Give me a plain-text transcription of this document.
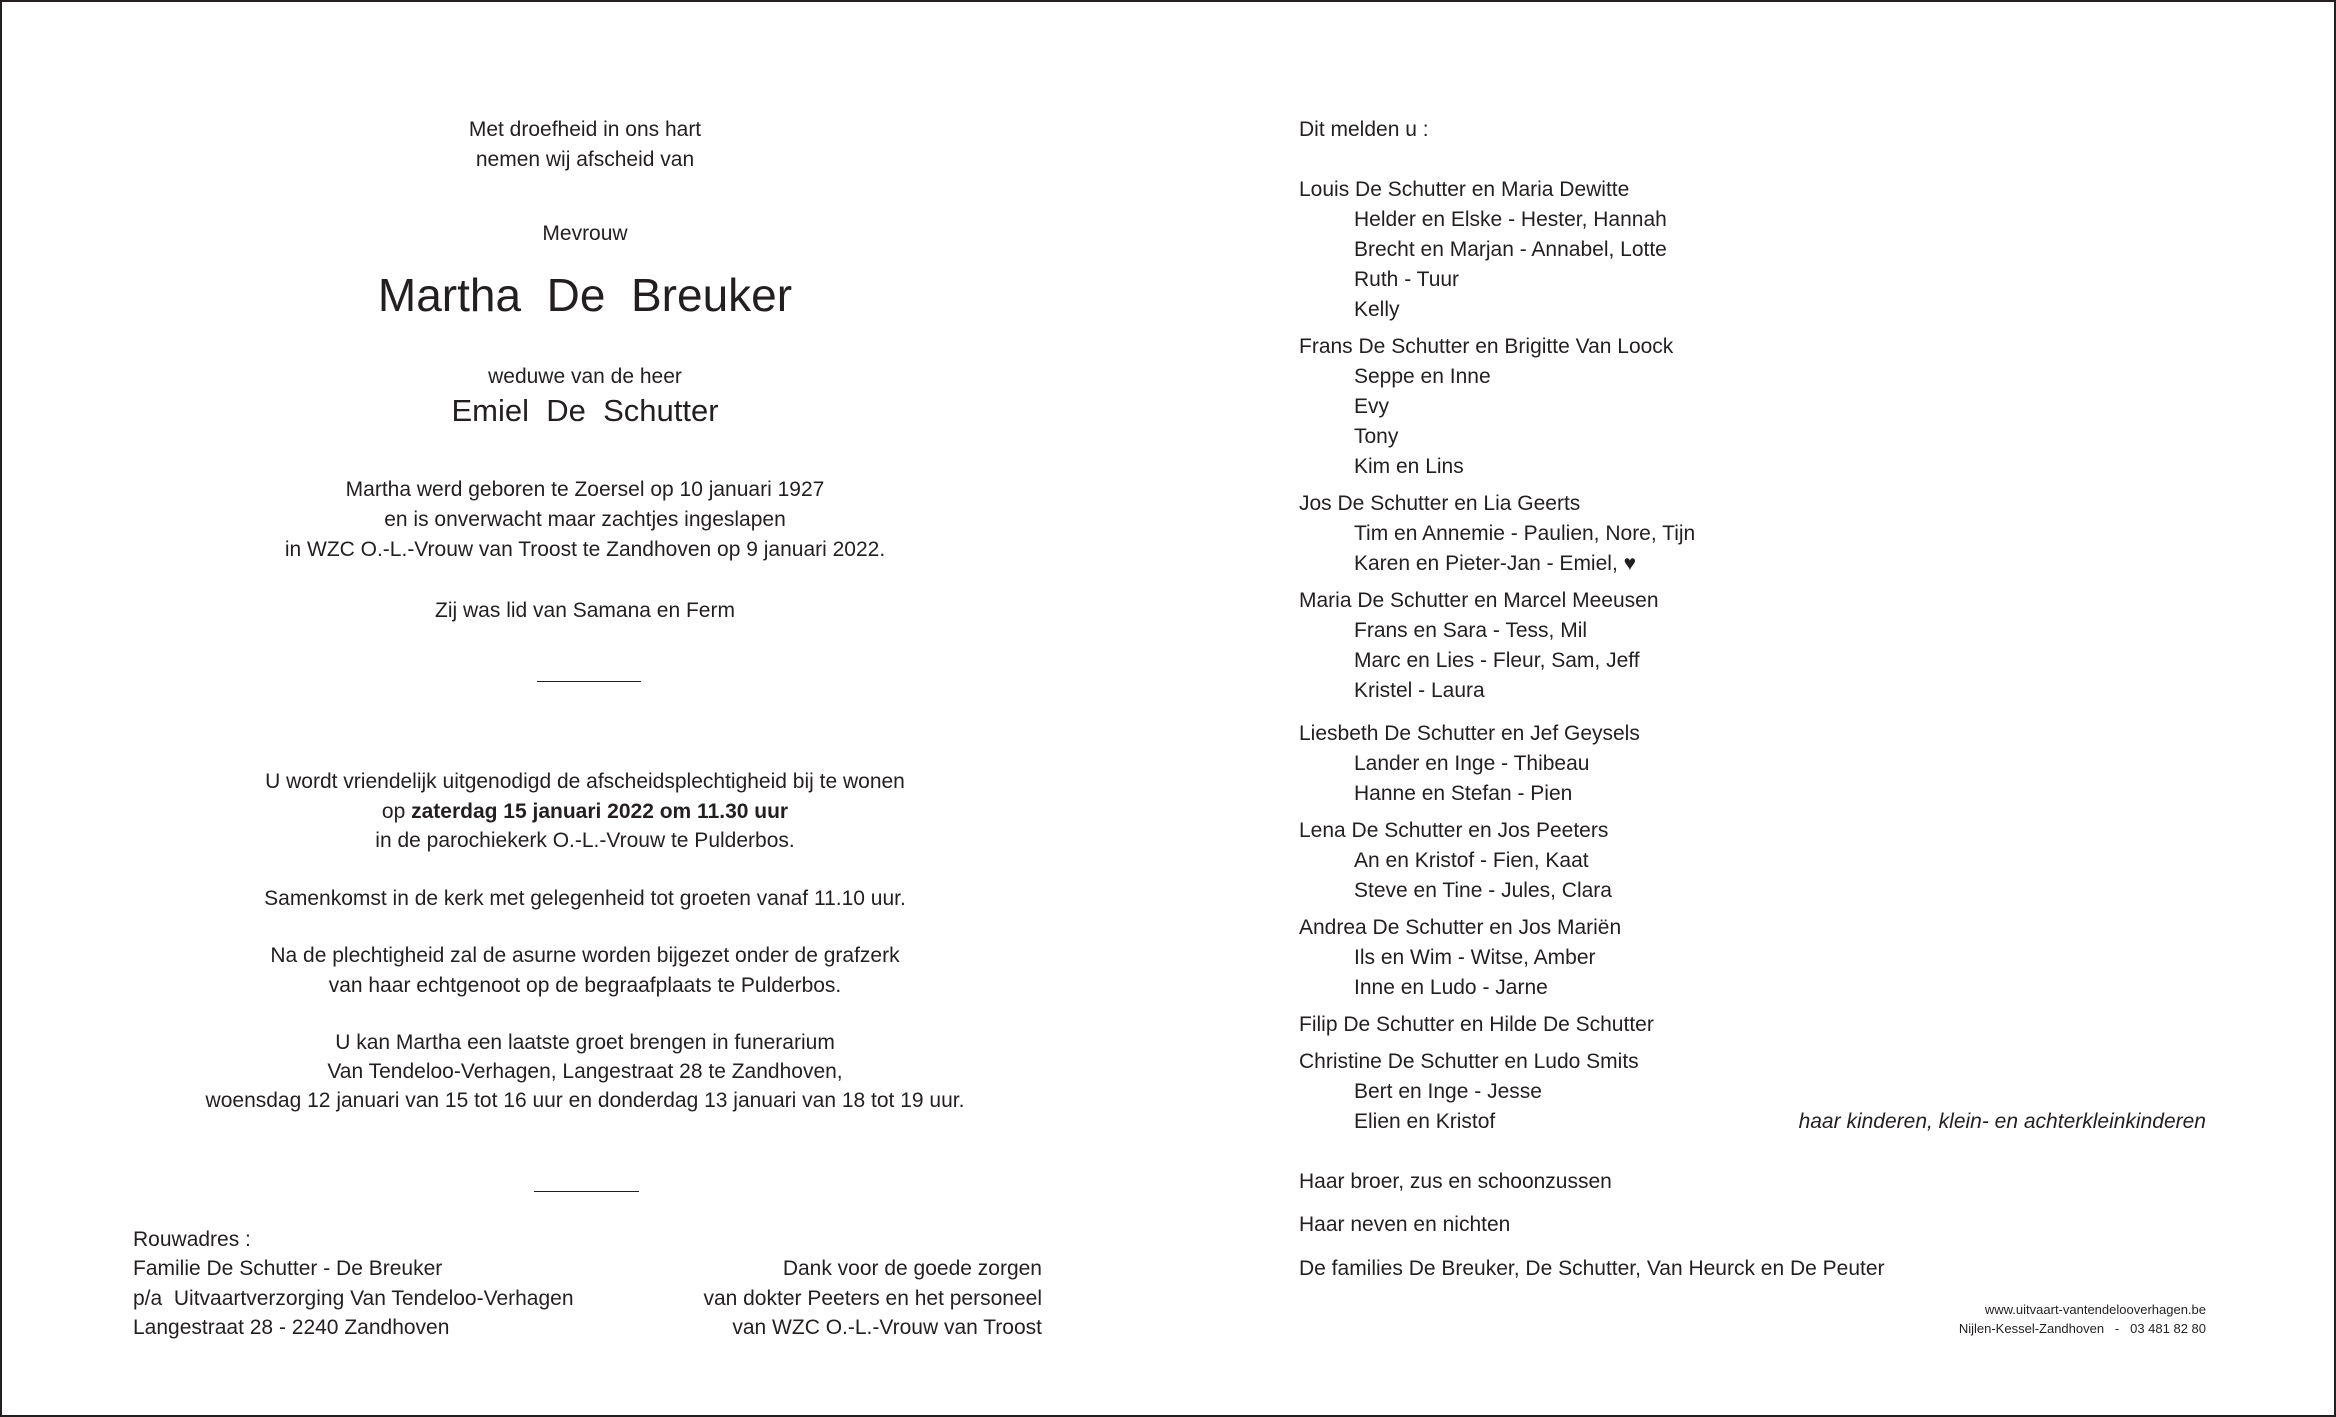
Met droefheid in ons hart
nemen wij afscheid van
Mevrouw
Martha  De  Breuker
weduwe van de heer
Emiel  De  Schutter
Martha werd geboren te Zoersel op 10 januari 1927
en is onverwacht maar zachtjes ingeslapen
in WZC O.-L.-Vrouw van Troost te Zandhoven op 9 januari 2022.
Zij was lid van Samana en Ferm
U wordt vriendelijk uitgenodigd de afscheidsplechtigheid bij te wonen
op zaterdag 15 januari 2022 om 11.30 uur
in de parochiekerk O.-L.-Vrouw te Pulderbos.
Samenkomst in de kerk met gelegenheid tot groeten vanaf 11.10 uur.
Na de plechtigheid zal de asurne worden bijgezet onder de grafzerk
van haar echtgenoot op de begraafplaats te Pulderbos.
U kan Martha een laatste groet brengen in funerarium
Van Tendeloo-Verhagen, Langestraat 28 te Zandhoven,
woensdag 12 januari van 15 tot 16 uur en donderdag 13 januari van 18 tot 19 uur.
Rouwadres :
Familie De Schutter - De Breuker
p/a  Uitvaartverzorging Van Tendeloo-Verhagen
Langestraat 28 - 2240 Zandhoven
Dank voor de goede zorgen
van dokter Peeters en het personeel
van WZC O.-L.-Vrouw van Troost
Dit melden u :
Louis De Schutter en Maria Dewitte
Helder en Elske - Hester, Hannah
Brecht en Marjan - Annabel, Lotte
Ruth - Tuur
Kelly
Frans De Schutter en Brigitte Van Loock
Seppe en Inne
Evy
Tony
Kim en Lins
Jos De Schutter en Lia Geerts
Tim en Annemie - Paulien, Nore, Tijn
Karen en Pieter-Jan - Emiel, ♥
Maria De Schutter en Marcel Meeusen
Frans en Sara - Tess, Mil
Marc en Lies - Fleur, Sam, Jeff
Kristel - Laura
Liesbeth De Schutter en Jef Geysels
Lander en Inge - Thibeau
Hanne en Stefan - Pien
Lena De Schutter en Jos Peeters
An en Kristof - Fien, Kaat
Steve en Tine - Jules, Clara
Andrea De Schutter en Jos Mariën
Ils en Wim - Witse, Amber
Inne en Ludo - Jarne
Filip De Schutter en Hilde De Schutter
Christine De Schutter en Ludo Smits
Bert en Inge - Jesse
Elien en Kristof	haar kinderen, klein- en achterkleinkinderen
Haar broer, zus en schoonzussen
Haar neven en nichten
De families De Breuker, De Schutter, Van Heurck en De Peuter
www.uitvaart-vantendelooverhagen.be
Nijlen-Kessel-Zandhoven   -   03 481 82 80
